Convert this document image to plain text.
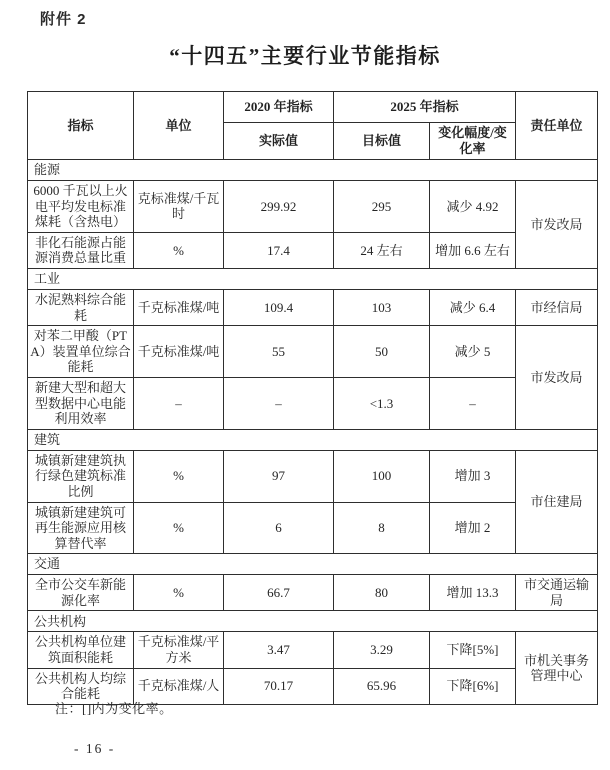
附件 2
“十四五”主要行业节能指标
指标	单位	2020 年指标	2025 年指标		责任单位
		实际值	目标值	变化幅度/变化率	
能源					
6000 千瓦以上火电平均发电标准煤耗（含热电）	克标准煤/千瓦时	299.92	295	减少 4.92	市发改局
非化石能源占能源消费总量比重	%	17.4	24 左右	增加 6.6 左右	
工业					
水泥熟料综合能耗	千克标准煤/吨	109.4	103	减少 6.4	市经信局
对苯二甲酸（PTA）装置单位综合能耗	千克标准煤/吨	55	50	减少 5	市发改局
新建大型和超大型数据中心电能利用效率	–	–	<1.3	–	
建筑					
城镇新建建筑执行绿色建筑标准比例	%	97	100	增加 3	市住建局
城镇新建建筑可再生能源应用核算替代率	%	6	8	增加 2	
交通					
全市公交车新能源化率	%	66.7	80	增加 13.3	市交通运输局
公共机构					
公共机构单位建筑面积能耗	千克标准煤/平方米	3.47	3.29	下降[5%]	市机关事务管理中心
公共机构人均综合能耗	千克标准煤/人	70.17	65.96	下降[6%]	
注：[]内为变化率。
- 16 -
